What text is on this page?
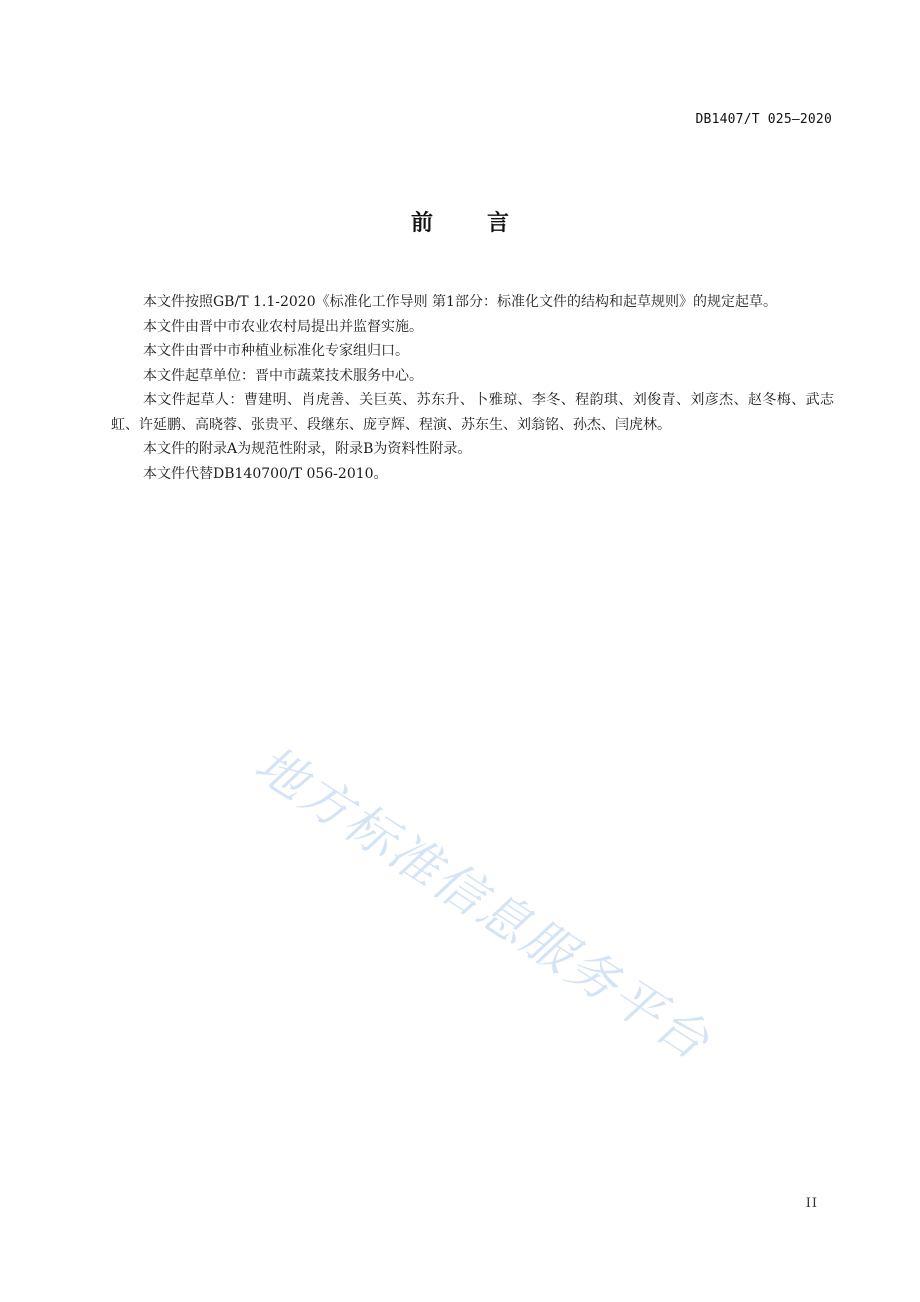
DB1407/T 025—2020
前 言

本文件按照GB/T 1.1-2020《标准化工作导则 第1部分：标准化文件的结构和起草规则》的规定起草。

本文件由晋中市农业农村局提出并监督实施。

本文件由晋中市种植业标准化专家组归口。

本文件起草单位：晋中市蔬菜技术服务中心。

本文件起草人：曹建明、肖虎善、关巨英、苏东升、卜雅琼、李冬、程韵琪、刘俊青、刘彦杰、赵冬梅、武志虹、许延鹏、高晓蓉、张贵平、段继东、庞亨辉、程演、苏东生、刘翁铭、孙杰、闫虎林。

本文件的附录A为规范性附录，附录B为资料性附录。

本文件代替DB140700/T 056-2010。

地方标准信息服务平台
II
